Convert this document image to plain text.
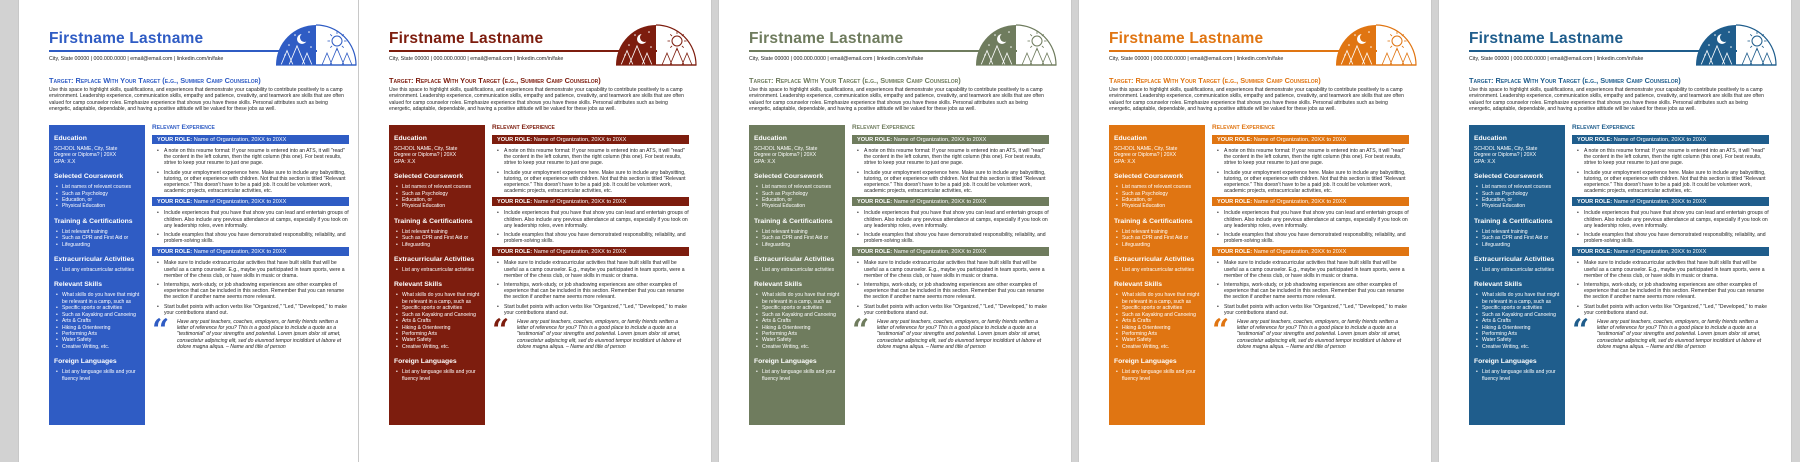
Firstname Lastname
City, State 00000 | 000.000.0000 | email@email.com | linkedin.com/in/fake
Target: Replace With Your Target (e.g., Summer Camp Counselor)
Use this space to highlight skills, qualifications, and experiences that demonstrate your capability to contribute positively to a camp environment. Leadership experience, communication skills, empathy and patience, creativity, and teamwork are skills that are often valued for camp counselor roles. Emphasize experience that shows you have these skills. Personal attributes such as being energetic, adaptable, dependable, and having a positive attitude will be valued for these jobs as well.
Education
SCHOOL NAME, City, State
Degree or Diploma? | 20XX
GPA: X.X
Selected Coursework
• List names of relevant courses
• Such as Psychology
• Education, or
• Physical Education
Training & Certifications
• List relevant training
• Such as CPR and First Aid or
• Lifeguarding
Extracurricular Activities
• List any extracurricular activities
Relevant Skills
• What skills do you have that might be relevant in a camp, such as
• Specific sports or activities
• Such as Kayaking and Canoeing
• Arts & Crafts
• Hiking & Orienteering
• Performing Arts
• Water Safety
• Creative Writing, etc.
Foreign Languages
• List any language skills and your fluency level
Relevant Experience
YOUR ROLE: Name of Organization, 20XX to 20XX
• A note on this resume format: If your resume is entered into an ATS, it will "read" the content in the left column, then the right column (this one). For best results, strive to keep your resume to just one page.
• Include your employment experience here. Make sure to include any babysitting, tutoring, or other experience with children. Not that this section is titled "Relevant experience." This doesn't have to be a paid job. It could be volunteer work, academic projects, extracurricular activities, etc.
YOUR ROLE: Name of Organization, 20XX to 20XX
• Include experiences that you have that show you can lead and entertain groups of children. Also include any previous attendance at camps, especially if you took on any leadership roles, even informally.
• Include examples that show you have demonstrated responsibility, reliability, and problem-solving skills.
YOUR ROLE: Name of Organization, 20XX to 20XX
• Make sure to include extracurricular activities that have built skills that will be useful as a camp counselor. E.g., maybe you participated in team sports, were a member of the chess club, or have skills in music or drama.
• Internships, work-study, or job shadowing experiences are other examples of experience that can be included in this section. Remember that you can rename the section if another name seems more relevant.
• Start bullet points with action verbs like "Organized," "Led," "Developed," to make your contributions stand out.
“ Have any past teachers, coaches, employers, or family friends written a letter of reference for you? This is a good place to include a quote as a "testimonial" of your strengths and potential. Lorem ipsum dolor sit amet, consectetur adipiscing elit, sed do eiusmod tempor incididunt ut labore et dolore magna aliqua. – Name and title of person
Firstname Lastname
City, State 00000 | 000.000.0000 | email@email.com | linkedin.com/in/fake
Target: Replace With Your Target (e.g., Summer Camp Counselor)
Use this space to highlight skills, qualifications, and experiences that demonstrate your capability to contribute positively to a camp environment. Leadership experience, communication skills, empathy and patience, creativity, and teamwork are skills that are often valued for camp counselor roles. Emphasize experience that shows you have these skills. Personal attributes such as being energetic, adaptable, dependable, and having a positive attitude will be valued for these jobs as well.
Education
SCHOOL NAME, City, State
Degree or Diploma? | 20XX
GPA: X.X
Selected Coursework
• List names of relevant courses
• Such as Psychology
• Education, or
• Physical Education
Training & Certifications
• List relevant training
• Such as CPR and First Aid or
• Lifeguarding
Extracurricular Activities
• List any extracurricular activities
Relevant Skills
• What skills do you have that might be relevant in a camp, such as
• Specific sports or activities
• Such as Kayaking and Canoeing
• Arts & Crafts
• Hiking & Orienteering
• Performing Arts
• Water Safety
• Creative Writing, etc.
Foreign Languages
• List any language skills and your fluency level
Relevant Experience
YOUR ROLE: Name of Organization, 20XX to 20XX
• A note on this resume format: If your resume is entered into an ATS, it will "read" the content in the left column, then the right column (this one). For best results, strive to keep your resume to just one page.
• Include your employment experience here. Make sure to include any babysitting, tutoring, or other experience with children. Not that this section is titled "Relevant experience." This doesn't have to be a paid job. It could be volunteer work, academic projects, extracurricular activities, etc.
YOUR ROLE: Name of Organization, 20XX to 20XX
• Include experiences that you have that show you can lead and entertain groups of children. Also include any previous attendance at camps, especially if you took on any leadership roles, even informally.
• Include examples that show you have demonstrated responsibility, reliability, and problem-solving skills.
YOUR ROLE: Name of Organization, 20XX to 20XX
• Make sure to include extracurricular activities that have built skills that will be useful as a camp counselor. E.g., maybe you participated in team sports, were a member of the chess club, or have skills in music or drama.
• Internships, work-study, or job shadowing experiences are other examples of experience that can be included in this section. Remember that you can rename the section if another name seems more relevant.
• Start bullet points with action verbs like "Organized," "Led," "Developed," to make your contributions stand out.
“ Have any past teachers, coaches, employers, or family friends written a letter of reference for you? This is a good place to include a quote as a "testimonial" of your strengths and potential. Lorem ipsum dolor sit amet, consectetur adipiscing elit, sed do eiusmod tempor incididunt ut labore et dolore magna aliqua. – Name and title of person
Firstname Lastname
City, State 00000 | 000.000.0000 | email@email.com | linkedin.com/in/fake
Target: Replace With Your Target (e.g., Summer Camp Counselor)
Use this space to highlight skills, qualifications, and experiences that demonstrate your capability to contribute positively to a camp environment. Leadership experience, communication skills, empathy and patience, creativity, and teamwork are skills that are often valued for camp counselor roles. Emphasize experience that shows you have these skills. Personal attributes such as being energetic, adaptable, dependable, and having a positive attitude will be valued for these jobs as well.
Education
SCHOOL NAME, City, State
Degree or Diploma? | 20XX
GPA: X.X
Selected Coursework
• List names of relevant courses
• Such as Psychology
• Education, or
• Physical Education
Training & Certifications
• List relevant training
• Such as CPR and First Aid or
• Lifeguarding
Extracurricular Activities
• List any extracurricular activities
Relevant Skills
• What skills do you have that might be relevant in a camp, such as
• Specific sports or activities
• Such as Kayaking and Canoeing
• Arts & Crafts
• Hiking & Orienteering
• Performing Arts
• Water Safety
• Creative Writing, etc.
Foreign Languages
• List any language skills and your fluency level
Relevant Experience
YOUR ROLE: Name of Organization, 20XX to 20XX
• A note on this resume format: If your resume is entered into an ATS, it will "read" the content in the left column, then the right column (this one). For best results, strive to keep your resume to just one page.
• Include your employment experience here. Make sure to include any babysitting, tutoring, or other experience with children. Not that this section is titled "Relevant experience." This doesn't have to be a paid job. It could be volunteer work, academic projects, extracurricular activities, etc.
YOUR ROLE: Name of Organization, 20XX to 20XX
• Include experiences that you have that show you can lead and entertain groups of children. Also include any previous attendance at camps, especially if you took on any leadership roles, even informally.
• Include examples that show you have demonstrated responsibility, reliability, and problem-solving skills.
YOUR ROLE: Name of Organization, 20XX to 20XX
• Make sure to include extracurricular activities that have built skills that will be useful as a camp counselor. E.g., maybe you participated in team sports, were a member of the chess club, or have skills in music or drama.
• Internships, work-study, or job shadowing experiences are other examples of experience that can be included in this section. Remember that you can rename the section if another name seems more relevant.
• Start bullet points with action verbs like "Organized," "Led," "Developed," to make your contributions stand out.
“ Have any past teachers, coaches, employers, or family friends written a letter of reference for you? This is a good place to include a quote as a "testimonial" of your strengths and potential. Lorem ipsum dolor sit amet, consectetur adipiscing elit, sed do eiusmod tempor incididunt ut labore et dolore magna aliqua. – Name and title of person
Firstname Lastname
City, State 00000 | 000.000.0000 | email@email.com | linkedin.com/in/fake
Target: Replace With Your Target (e.g., Summer Camp Counselor)
Use this space to highlight skills, qualifications, and experiences that demonstrate your capability to contribute positively to a camp environment. Leadership experience, communication skills, empathy and patience, creativity, and teamwork are skills that are often valued for camp counselor roles. Emphasize experience that shows you have these skills. Personal attributes such as being energetic, adaptable, dependable, and having a positive attitude will be valued for these jobs as well.
Education
SCHOOL NAME, City, State
Degree or Diploma? | 20XX
GPA: X.X
Selected Coursework
• List names of relevant courses
• Such as Psychology
• Education, or
• Physical Education
Training & Certifications
• List relevant training
• Such as CPR and First Aid or
• Lifeguarding
Extracurricular Activities
• List any extracurricular activities
Relevant Skills
• What skills do you have that might be relevant in a camp, such as
• Specific sports or activities
• Such as Kayaking and Canoeing
• Arts & Crafts
• Hiking & Orienteering
• Performing Arts
• Water Safety
• Creative Writing, etc.
Foreign Languages
• List any language skills and your fluency level
Relevant Experience
YOUR ROLE: Name of Organization, 20XX to 20XX
• A note on this resume format: If your resume is entered into an ATS, it will "read" the content in the left column, then the right column (this one). For best results, strive to keep your resume to just one page.
• Include your employment experience here. Make sure to include any babysitting, tutoring, or other experience with children. Not that this section is titled "Relevant experience." This doesn't have to be a paid job. It could be volunteer work, academic projects, extracurricular activities, etc.
YOUR ROLE: Name of Organization, 20XX to 20XX
• Include experiences that you have that show you can lead and entertain groups of children. Also include any previous attendance at camps, especially if you took on any leadership roles, even informally.
• Include examples that show you have demonstrated responsibility, reliability, and problem-solving skills.
YOUR ROLE: Name of Organization, 20XX to 20XX
• Make sure to include extracurricular activities that have built skills that will be useful as a camp counselor. E.g., maybe you participated in team sports, were a member of the chess club, or have skills in music or drama.
• Internships, work-study, or job shadowing experiences are other examples of experience that can be included in this section. Remember that you can rename the section if another name seems more relevant.
• Start bullet points with action verbs like "Organized," "Led," "Developed," to make your contributions stand out.
“ Have any past teachers, coaches, employers, or family friends written a letter of reference for you? This is a good place to include a quote as a "testimonial" of your strengths and potential. Lorem ipsum dolor sit amet, consectetur adipiscing elit, sed do eiusmod tempor incididunt ut labore et dolore magna aliqua. – Name and title of person
Firstname Lastname
City, State 00000 | 000.000.0000 | email@email.com | linkedin.com/in/fake
Target: Replace With Your Target (e.g., Summer Camp Counselor)
Use this space to highlight skills, qualifications, and experiences that demonstrate your capability to contribute positively to a camp environment. Leadership experience, communication skills, empathy and patience, creativity, and teamwork are skills that are often valued for camp counselor roles. Emphasize experience that shows you have these skills. Personal attributes such as being energetic, adaptable, dependable, and having a positive attitude will be valued for these jobs as well.
Education
SCHOOL NAME, City, State
Degree or Diploma? | 20XX
GPA: X.X
Selected Coursework
• List names of relevant courses
• Such as Psychology
• Education, or
• Physical Education
Training & Certifications
• List relevant training
• Such as CPR and First Aid or
• Lifeguarding
Extracurricular Activities
• List any extracurricular activities
Relevant Skills
• What skills do you have that might be relevant in a camp, such as
• Specific sports or activities
• Such as Kayaking and Canoeing
• Arts & Crafts
• Hiking & Orienteering
• Performing Arts
• Water Safety
• Creative Writing, etc.
Foreign Languages
• List any language skills and your fluency level
Relevant Experience
YOUR ROLE: Name of Organization, 20XX to 20XX
• A note on this resume format: If your resume is entered into an ATS, it will "read" the content in the left column, then the right column (this one). For best results, strive to keep your resume to just one page.
• Include your employment experience here. Make sure to include any babysitting, tutoring, or other experience with children. Not that this section is titled "Relevant experience." This doesn't have to be a paid job. It could be volunteer work, academic projects, extracurricular activities, etc.
YOUR ROLE: Name of Organization, 20XX to 20XX
• Include experiences that you have that show you can lead and entertain groups of children. Also include any previous attendance at camps, especially if you took on any leadership roles, even informally.
• Include examples that show you have demonstrated responsibility, reliability, and problem-solving skills.
YOUR ROLE: Name of Organization, 20XX to 20XX
• Make sure to include extracurricular activities that have built skills that will be useful as a camp counselor. E.g., maybe you participated in team sports, were a member of the chess club, or have skills in music or drama.
• Internships, work-study, or job shadowing experiences are other examples of experience that can be included in this section. Remember that you can rename the section if another name seems more relevant.
• Start bullet points with action verbs like "Organized," "Led," "Developed," to make your contributions stand out.
“ Have any past teachers, coaches, employers, or family friends written a letter of reference for you? This is a good place to include a quote as a "testimonial" of your strengths and potential. Lorem ipsum dolor sit amet, consectetur adipiscing elit, sed do eiusmod tempor incididunt ut labore et dolore magna aliqua. – Name and title of person
